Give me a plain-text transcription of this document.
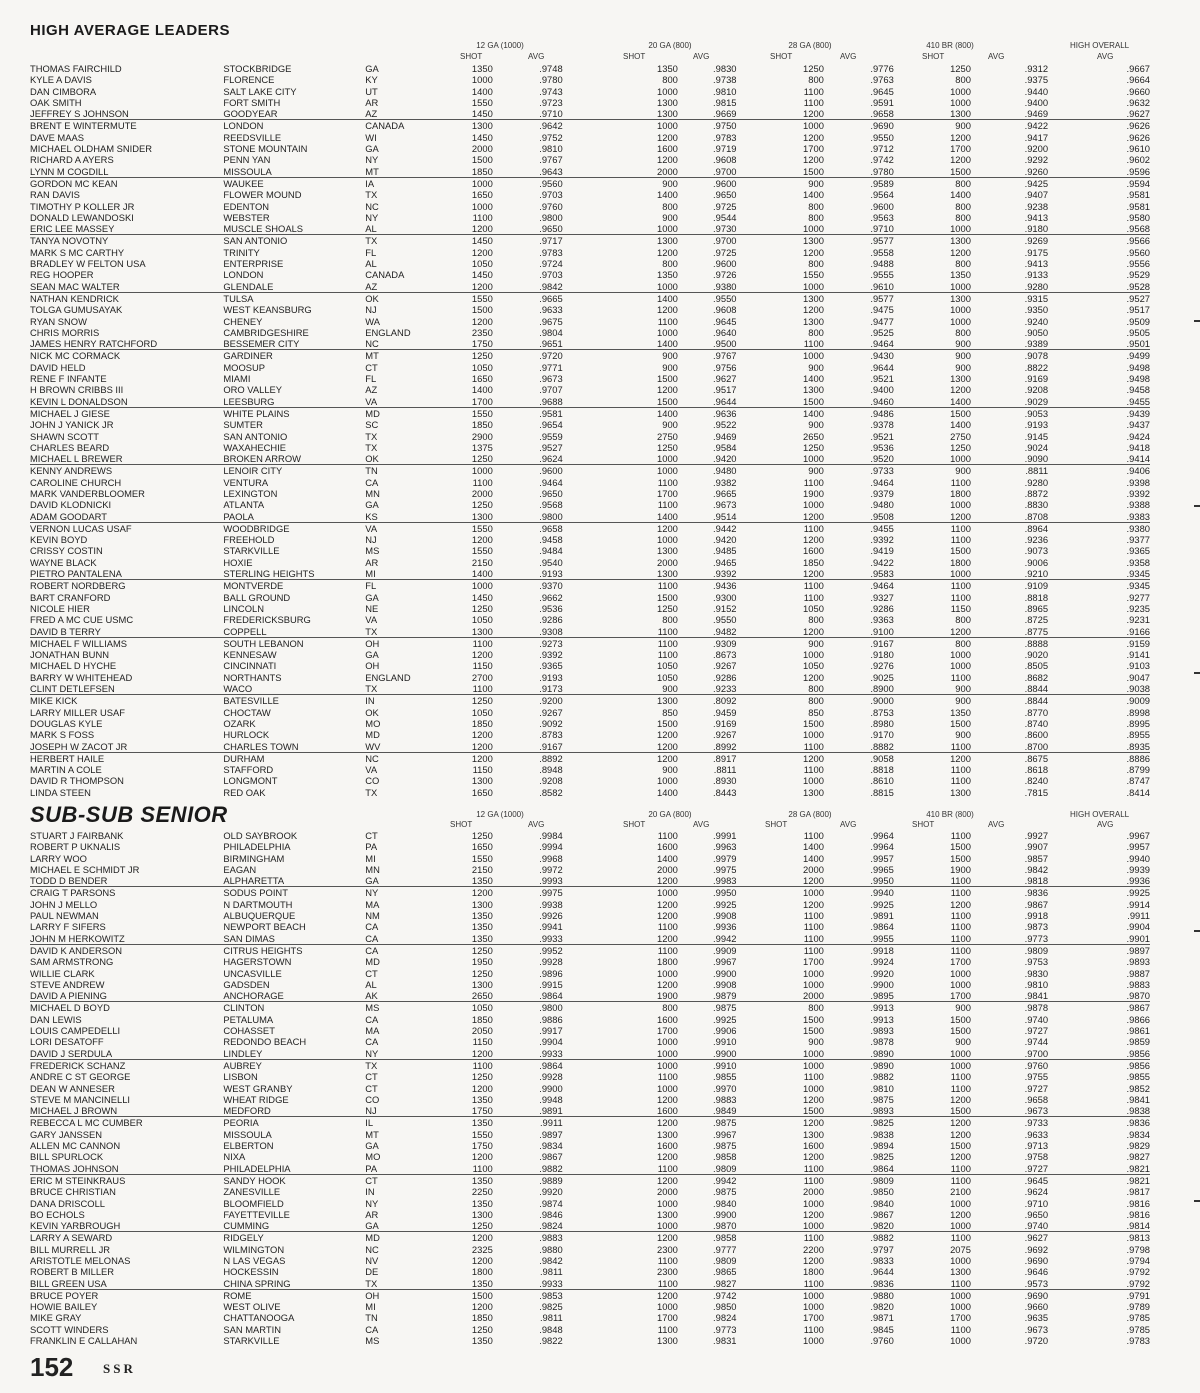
HIGH AVERAGE LEADERS
12 GA (1000)	20 GA (800)	28 GA (800)	410 BR (800)	HIGH OVERALL
SHOT	AVG	SHOT	AVG	SHOT	AVG	SHOT	AVG	AVG
THOMAS FAIRCHILD	STOCKBRIDGE	GA	1350	.9748	1350	.9830	1250	.9776	1250	.9312	.9667
KYLE A DAVIS	FLORENCE	KY	1000	.9780	800	.9738	800	.9763	800	.9375	.9664
DAN CIMBORA	SALT LAKE CITY	UT	1400	.9743	1000	.9810	1100	.9645	1000	.9440	.9660
OAK SMITH	FORT SMITH	AR	1550	.9723	1300	.9815	1100	.9591	1000	.9400	.9632
JEFFREY S JOHNSON	GOODYEAR	AZ	1450	.9710	1300	.9669	1200	.9658	1300	.9469	.9627
BRENT E WINTERMUTE	LONDON	CANADA	1300	.9642	1000	.9750	1000	.9690	900	.9422	.9626
DAVE MAAS	REEDSVILLE	WI	1450	.9752	1200	.9783	1200	.9550	1200	.9417	.9626
MICHAEL OLDHAM SNIDER	STONE MOUNTAIN	GA	2000	.9810	1600	.9719	1700	.9712	1700	.9200	.9610
RICHARD A AYERS	PENN YAN	NY	1500	.9767	1200	.9608	1200	.9742	1200	.9292	.9602
LYNN M COGDILL	MISSOULA	MT	1850	.9643	2000	.9700	1500	.9780	1500	.9260	.9596
GORDON MC KEAN	WAUKEE	IA	1000	.9560	900	.9600	900	.9589	800	.9425	.9594
RAN DAVIS	FLOWER MOUND	TX	1650	.9703	1400	.9650	1400	.9564	1400	.9407	.9581
TIMOTHY P KOLLER JR	EDENTON	NC	1000	.9760	800	.9725	800	.9600	800	.9238	.9581
DONALD LEWANDOSKI	WEBSTER	NY	1100	.9800	900	.9544	800	.9563	800	.9413	.9580
ERIC LEE MASSEY	MUSCLE SHOALS	AL	1200	.9650	1000	.9730	1000	.9710	1000	.9180	.9568
TANYA NOVOTNY	SAN ANTONIO	TX	1450	.9717	1300	.9700	1300	.9577	1300	.9269	.9566
MARK S MC CARTHY	TRINITY	FL	1200	.9783	1200	.9725	1200	.9558	1200	.9175	.9560
BRADLEY W FELTON USA	ENTERPRISE	AL	1050	.9724	800	.9600	800	.9488	800	.9413	.9556
REG HOOPER	LONDON	CANADA	1450	.9703	1350	.9726	1550	.9555	1350	.9133	.9529
SEAN MAC WALTER	GLENDALE	AZ	1200	.9842	1000	.9380	1000	.9610	1000	.9280	.9528
NATHAN KENDRICK	TULSA	OK	1550	.9665	1400	.9550	1300	.9577	1300	.9315	.9527
TOLGA GUMUSAYAK	WEST KEANSBURG	NJ	1500	.9633	1200	.9608	1200	.9475	1000	.9350	.9517
RYAN SNOW	CHENEY	WA	1200	.9675	1100	.9645	1300	.9477	1000	.9240	.9509
CHRIS MORRIS	CAMBRIDGESHIRE	ENGLAND	2350	.9804	1000	.9640	800	.9525	800	.9050	.9505
JAMES HENRY RATCHFORD	BESSEMER CITY	NC	1750	.9651	1400	.9500	1100	.9464	900	.9389	.9501
NICK MC CORMACK	GARDINER	MT	1250	.9720	900	.9767	1000	.9430	900	.9078	.9499
DAVID HELD	MOOSUP	CT	1050	.9771	900	.9756	900	.9644	900	.8822	.9498
RENE F INFANTE	MIAMI	FL	1650	.9673	1500	.9627	1400	.9521	1300	.9169	.9498
H BROWN CRIBBS III	ORO VALLEY	AZ	1400	.9707	1200	.9517	1300	.9400	1200	.9208	.9458
KEVIN L DONALDSON	LEESBURG	VA	1700	.9688	1500	.9644	1500	.9460	1400	.9029	.9455
MICHAEL J GIESE	WHITE PLAINS	MD	1550	.9581	1400	.9636	1400	.9486	1500	.9053	.9439
JOHN J YANICK JR	SUMTER	SC	1850	.9654	900	.9522	900	.9378	1400	.9193	.9437
SHAWN SCOTT	SAN ANTONIO	TX	2900	.9559	2750	.9469	2650	.9521	2750	.9145	.9424
CHARLES BEARD	WAXAHECHIE	TX	1375	.9527	1250	.9584	1250	.9536	1250	.9024	.9418
MICHAEL L BREWER	BROKEN ARROW	OK	1250	.9624	1000	.9420	1000	.9520	1000	.9090	.9414
KENNY ANDREWS	LENOIR CITY	TN	1000	.9600	1000	.9480	900	.9733	900	.8811	.9406
CAROLINE CHURCH	VENTURA	CA	1100	.9464	1100	.9382	1100	.9464	1100	.9280	.9398
MARK VANDERBLOOMER	LEXINGTON	MN	2000	.9650	1700	.9665	1900	.9379	1800	.8872	.9392
DAVID KLODNICKI	ATLANTA	GA	1250	.9568	1100	.9673	1000	.9480	1000	.8830	.9388
ADAM GOODART	PAOLA	KS	1300	.9800	1400	.9514	1200	.9508	1200	.8708	.9383
VERNON LUCAS USAF	WOODBRIDGE	VA	1550	.9658	1200	.9442	1100	.9455	1100	.8964	.9380
KEVIN BOYD	FREEHOLD	NJ	1200	.9458	1000	.9420	1200	.9392	1100	.9236	.9377
CRISSY COSTIN	STARKVILLE	MS	1550	.9484	1300	.9485	1600	.9419	1500	.9073	.9365
WAYNE BLACK	HOXIE	AR	2150	.9540	2000	.9465	1850	.9422	1800	.9006	.9358
PIETRO PANTALENA	STERLING HEIGHTS	MI	1400	.9193	1300	.9392	1200	.9583	1000	.9210	.9345
ROBERT NORDBERG	MONTVERDE	FL	1000	.9370	1100	.9436	1100	.9464	1100	.9109	.9345
BART CRANFORD	BALL GROUND	GA	1450	.9662	1500	.9300	1100	.9327	1100	.8818	.9277
NICOLE HIER	LINCOLN	NE	1250	.9536	1250	.9152	1050	.9286	1150	.8965	.9235
FRED A MC CUE USMC	FREDERICKSBURG	VA	1050	.9286	800	.9550	800	.9363	800	.8725	.9231
DAVID B TERRY	COPPELL	TX	1300	.9308	1100	.9482	1200	.9100	1200	.8775	.9166
MICHAEL F WILLIAMS	SOUTH LEBANON	OH	1100	.9273	1100	.9309	900	.9167	800	.8888	.9159
JONATHAN BUNN	KENNESAW	GA	1200	.9392	1100	.8673	1000	.9180	1000	.9020	.9141
MICHAEL D HYCHE	CINCINNATI	OH	1150	.9365	1050	.9267	1050	.9276	1000	.8505	.9103
BARRY W WHITEHEAD	NORTHANTS	ENGLAND	2700	.9193	1050	.9286	1200	.9025	1100	.8682	.9047
CLINT DETLEFSEN	WACO	TX	1100	.9173	900	.9233	800	.8900	900	.8844	.9038
MIKE KICK	BATESVILLE	IN	1250	.9200	1300	.8092	800	.9000	900	.8844	.9009
LARRY MILLER USAF	CHOCTAW	OK	1050	.9267	850	.9459	850	.8753	1350	.8770	.8998
DOUGLAS KYLE	OZARK	MO	1850	.9092	1500	.9169	1500	.8980	1500	.8740	.8995
MARK S FOSS	HURLOCK	MD	1200	.8783	1200	.9267	1000	.9170	900	.8600	.8955
JOSEPH W ZACOT JR	CHARLES TOWN	WV	1200	.9167	1200	.8992	1100	.8882	1100	.8700	.8935
HERBERT HAILE	DURHAM	NC	1200	.8892	1200	.8917	1200	.9058	1200	.8675	.8886
MARTIN A COLE	STAFFORD	VA	1150	.8948	900	.8811	1100	.8818	1100	.8618	.8799
DAVID R THOMPSON	LONGMONT	CO	1300	.9208	1000	.8930	1000	.8610	1100	.8240	.8747
LINDA STEEN	RED OAK	TX	1650	.8582	1400	.8443	1300	.8815	1300	.7815	.8414
SUB-SUB SENIOR	12 GA (1000)	20 GA (800)	28 GA (800)	410 BR (800)	HIGH OVERALL
SHOT	AVG	SHOT	AVG	SHOT	AVG	SHOT	AVG	AVG
STUART J FAIRBANK	OLD SAYBROOK	CT	1250	.9984	1100	.9991	1100	.9964	1100	.9927	.9967
ROBERT P UKNALIS	PHILADELPHIA	PA	1650	.9994	1600	.9963	1400	.9964	1500	.9907	.9957
LARRY WOO	BIRMINGHAM	MI	1550	.9968	1400	.9979	1400	.9957	1500	.9857	.9940
MICHAEL E SCHMIDT JR	EAGAN	MN	2150	.9972	2000	.9975	2000	.9965	1900	.9842	.9939
TODD D BENDER	ALPHARETTA	GA	1350	.9993	1200	.9983	1200	.9950	1100	.9818	.9936
CRAIG T PARSONS	SODUS POINT	NY	1200	.9975	1000	.9950	1000	.9940	1100	.9836	.9925
JOHN J MELLO	N DARTMOUTH	MA	1300	.9938	1200	.9925	1200	.9925	1200	.9867	.9914
PAUL NEWMAN	ALBUQUERQUE	NM	1350	.9926	1200	.9908	1100	.9891	1100	.9918	.9911
LARRY F SIFERS	NEWPORT BEACH	CA	1350	.9941	1100	.9936	1100	.9864	1100	.9873	.9904
JOHN M HERKOWITZ	SAN DIMAS	CA	1350	.9933	1200	.9942	1100	.9955	1100	.9773	.9901
DAVID K ANDERSON	CITRUS HEIGHTS	CA	1250	.9952	1100	.9909	1100	.9918	1100	.9809	.9897
SAM ARMSTRONG	HAGERSTOWN	MD	1950	.9928	1800	.9967	1700	.9924	1700	.9753	.9893
WILLIE CLARK	UNCASVILLE	CT	1250	.9896	1000	.9900	1000	.9920	1000	.9830	.9887
STEVE ANDREW	GADSDEN	AL	1300	.9915	1200	.9908	1000	.9900	1000	.9810	.9883
DAVID A PIENING	ANCHORAGE	AK	2650	.9864	1900	.9879	2000	.9895	1700	.9841	.9870
MICHAEL D BOYD	CLINTON	MS	1050	.9800	800	.9875	800	.9913	900	.9878	.9867
DAN LEWIS	PETALUMA	CA	1850	.9886	1600	.9925	1500	.9913	1500	.9740	.9866
LOUIS CAMPEDELLI	COHASSET	MA	2050	.9917	1700	.9906	1500	.9893	1500	.9727	.9861
LORI DESATOFF	REDONDO BEACH	CA	1150	.9904	1000	.9910	900	.9878	900	.9744	.9859
DAVID J SERDULA	LINDLEY	NY	1200	.9933	1000	.9900	1000	.9890	1000	.9700	.9856
FREDERICK SCHANZ	AUBREY	TX	1100	.9864	1000	.9910	1000	.9890	1000	.9760	.9856
ANDRE C ST GEORGE	LISBON	CT	1250	.9928	1100	.9855	1100	.9882	1100	.9755	.9855
DEAN W ANNESER	WEST GRANBY	CT	1200	.9900	1000	.9970	1000	.9810	1100	.9727	.9852
STEVE M MANCINELLI	WHEAT RIDGE	CO	1350	.9948	1200	.9883	1200	.9875	1200	.9658	.9841
MICHAEL J BROWN	MEDFORD	NJ	1750	.9891	1600	.9849	1500	.9893	1500	.9673	.9838
REBECCA L MC CUMBER	PEORIA	IL	1350	.9911	1200	.9875	1200	.9825	1200	.9733	.9836
GARY JANSSEN	MISSOULA	MT	1550	.9897	1300	.9967	1300	.9838	1200	.9633	.9834
ALLEN MC CANNON	ELBERTON	GA	1750	.9834	1600	.9875	1600	.9894	1500	.9713	.9829
BILL SPURLOCK	NIXA	MO	1200	.9867	1200	.9858	1200	.9825	1200	.9758	.9827
THOMAS JOHNSON	PHILADELPHIA	PA	1100	.9882	1100	.9809	1100	.9864	1100	.9727	.9821
ERIC M STEINKRAUS	SANDY HOOK	CT	1350	.9889	1200	.9942	1100	.9809	1100	.9645	.9821
BRUCE CHRISTIAN	ZANESVILLE	IN	2250	.9920	2000	.9875	2000	.9850	2100	.9624	.9817
DANA DRISCOLL	BLOOMFIELD	NY	1350	.9874	1000	.9840	1000	.9840	1000	.9710	.9816
BO ECHOLS	FAYETTEVILLE	AR	1300	.9846	1300	.9900	1200	.9867	1200	.9650	.9816
KEVIN YARBROUGH	CUMMING	GA	1250	.9824	1000	.9870	1000	.9820	1000	.9740	.9814
LARRY A SEWARD	RIDGELY	MD	1200	.9883	1200	.9858	1100	.9882	1100	.9627	.9813
BILL MURRELL JR	WILMINGTON	NC	2325	.9880	2300	.9777	2200	.9797	2075	.9692	.9798
ARISTOTLE MELONAS	N LAS VEGAS	NV	1200	.9842	1100	.9809	1200	.9833	1000	.9690	.9794
ROBERT B MILLER	HOCKESSIN	DE	1800	.9811	2300	.9865	1800	.9644	1300	.9646	.9792
BILL GREEN USA	CHINA SPRING	TX	1350	.9933	1100	.9827	1100	.9836	1100	.9573	.9792
BRUCE POYER	ROME	OH	1500	.9853	1200	.9742	1000	.9880	1000	.9690	.9791
HOWIE BAILEY	WEST OLIVE	MI	1200	.9825	1000	.9850	1000	.9820	1000	.9660	.9789
MIKE GRAY	CHATTANOOGA	TN	1850	.9811	1700	.9824	1700	.9871	1700	.9635	.9785
SCOTT WINDERS	SAN MARTIN	CA	1250	.9848	1100	.9773	1100	.9845	1100	.9673	.9785
FRANKLIN E CALLAHAN	STARKVILLE	MS	1350	.9822	1300	.9831	1000	.9760	1000	.9720	.9783
152 SSR
